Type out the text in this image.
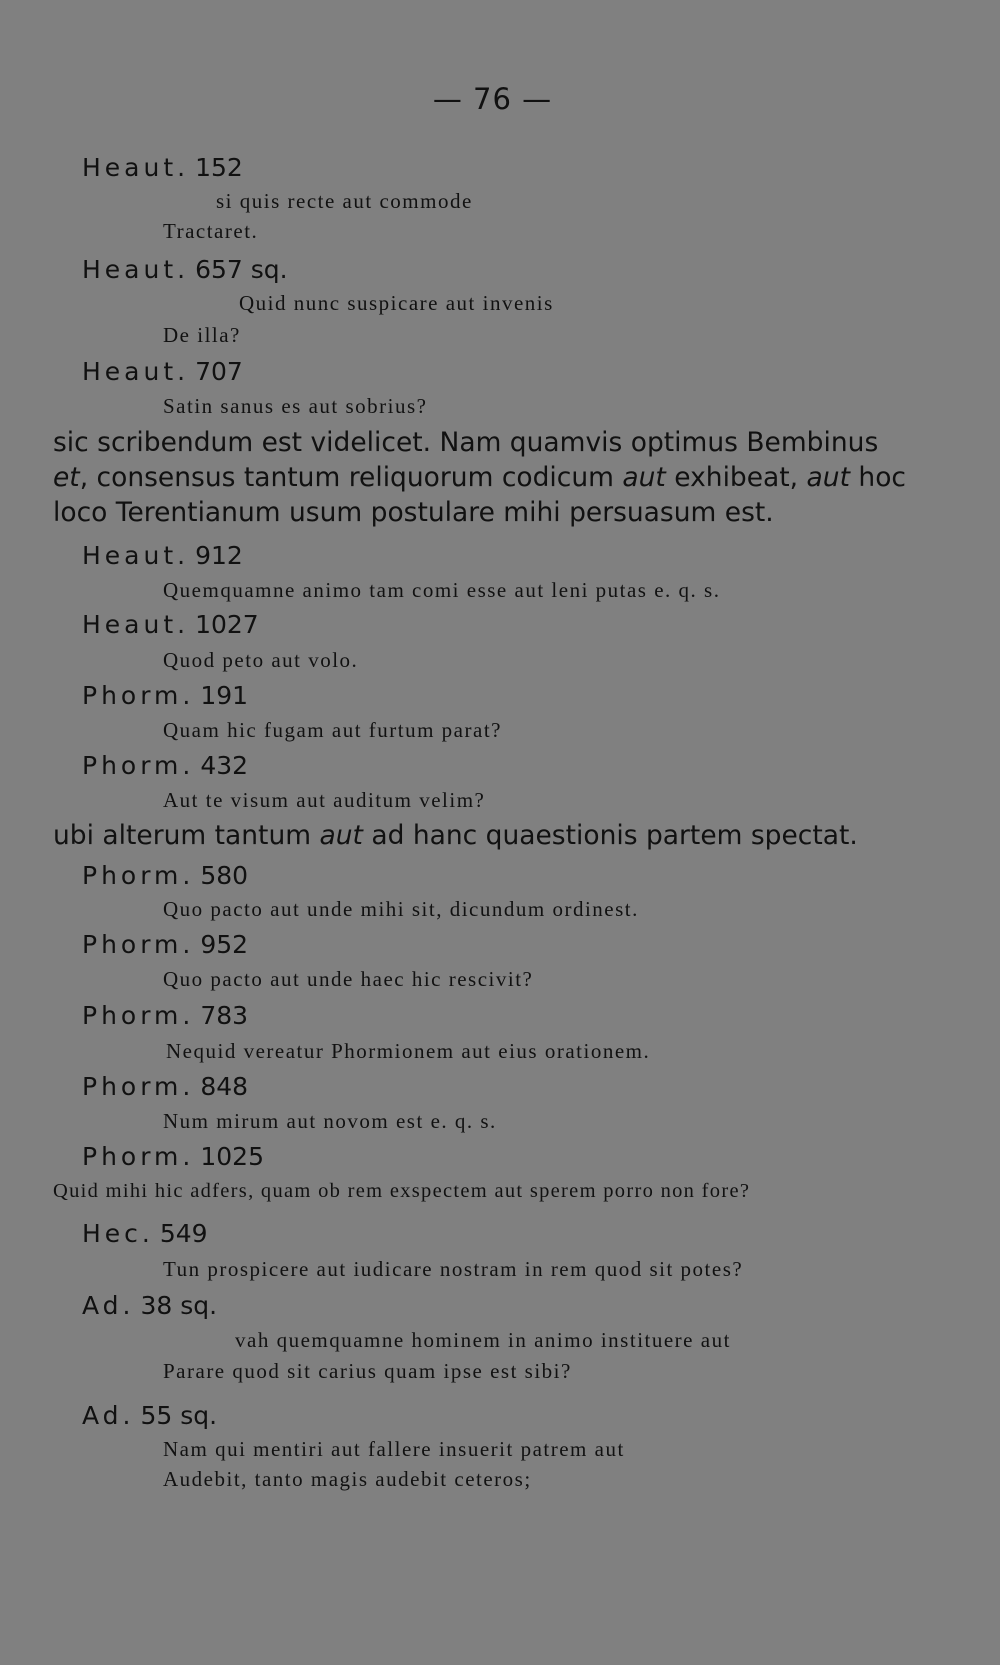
— 76 —
Heaut. 152
si quis recte aut commode
Tractaret.
Heaut. 657 sq.
Quid nunc suspicare aut invenis
De illa?
Heaut. 707
Satin sanus es aut sobrius?
sic scribendum est videlicet. Nam quamvis optimus Bembinus
et, consensus tantum reliquorum codicum aut exhibeat, aut hoc
loco Terentianum usum postulare mihi persuasum est.
Heaut. 912
Quemquamne animo tam comi esse aut leni putas e. q. s.
Heaut. 1027
Quod peto aut volo.
Phorm. 191
Quam hic fugam aut furtum parat?
Phorm. 432
Aut te visum aut auditum velim?
ubi alterum tantum aut ad hanc quaestionis partem spectat.
Phorm. 580
Quo pacto aut unde mihi sit, dicundum ordinest.
Phorm. 952
Quo pacto aut unde haec hic rescivit?
Phorm. 783
Nequid vereatur Phormionem aut eius orationem.
Phorm. 848
Num mirum aut novom est e. q. s.
Phorm. 1025
Quid mihi hic adfers, quam ob rem exspectem aut sperem porro non fore?
Hec. 549
Tun prospicere aut iudicare nostram in rem quod sit potes?
Ad. 38 sq.
vah quemquamne hominem in animo instituere aut
Parare quod sit carius quam ipse est sibi?
Ad. 55 sq.
Nam qui mentiri aut fallere insuerit patrem aut
Audebit, tanto magis audebit ceteros;
